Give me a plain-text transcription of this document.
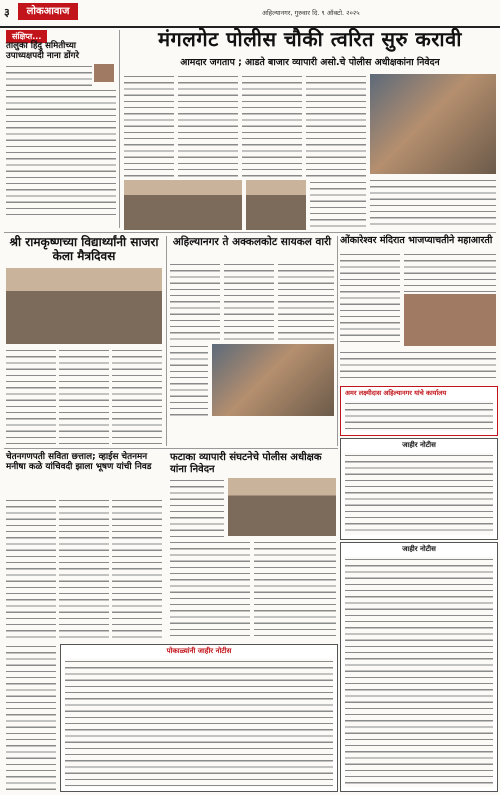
३	लोकआवाज	अहिल्यानगर, गुरुवार दि. ९ ऑक्टो. २०२५
संक्षिप्त...
तालुका हिंदु समितीच्या उपाध्यक्षपदी नाना डोंगरे
मंगलगेट पोलीस चौकी त्वरित सुरु करावी
आमदार जगताप ; आडते बाजार व्यापारी असो.चे पोलीस अधीक्षकांना निवेदन
श्री रामकृष्णच्या विद्यार्थ्यांनी साजरा केला मैत्रदिवस
अहिल्यानगर ते अक्कलकोट सायकल वारी ओंकारेश्वर मंदिरात भाजप्याचतीने महाआरती
अमर लक्ष्मीदास अहिल्यानगर यांचे कार्यालय
चेतनगणपती सविता छत्ताल; व्हाईस चेतनमन मनीषा कळे यांचिवदी झाला भूषण यांची निवड
फटाका व्यापारी संघटनेचे पोलीस अधीक्षक यांना निवेदन
पोकाळ्यांनी जाहीर नोटीस
जाहीर नोटीस
जाहीर नोटीस
